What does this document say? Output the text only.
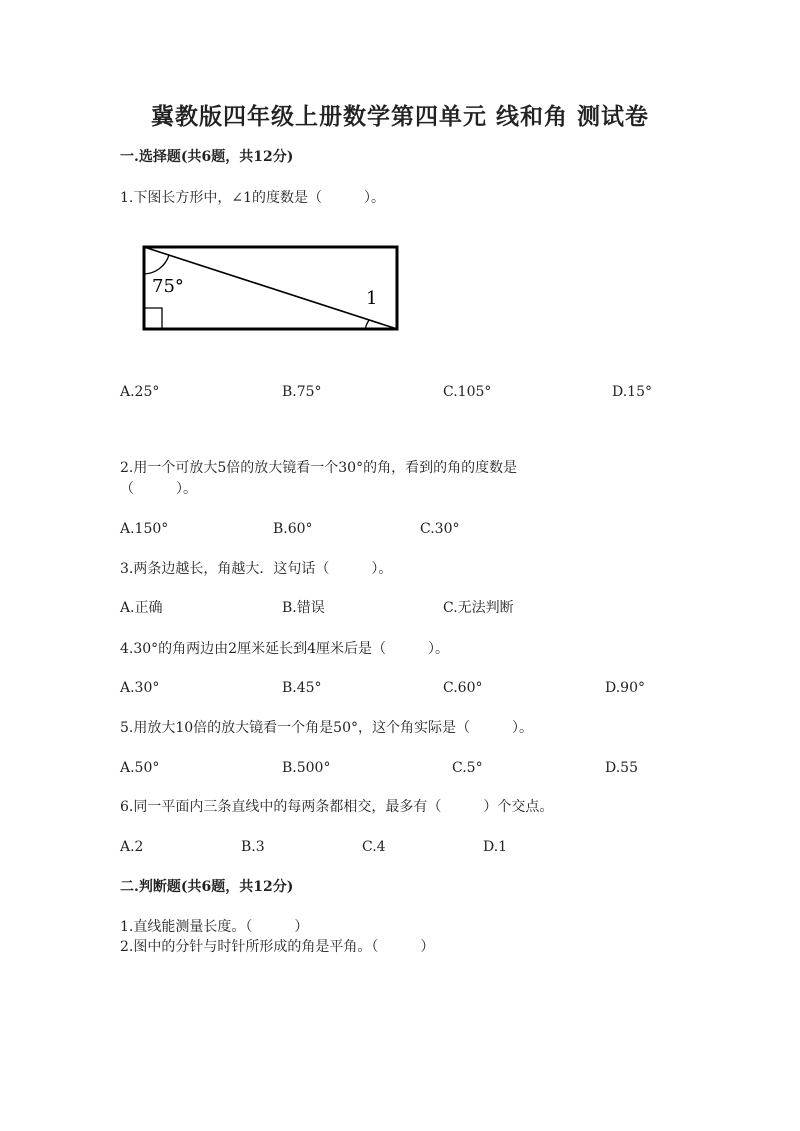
冀教版四年级上册数学第四单元 线和角 测试卷
一.选择题(共6题，共12分)
1.下图长方形中，∠1的度数是（　　　）。
75°
1
A.25°	B.75°	C.105°	D.15°
2.用一个可放大5倍的放大镜看一个30°的角，看到的角的度数是
（　　　）。
A.150°	B.60°	C.30°
3.两条边越长，角越大．这句话（　　　）。
A.正确	B.错误	C.无法判断
4.30°的角两边由2厘米延长到4厘米后是（　　　）。
A.30°	B.45°	C.60°	D.90°
5.用放大10倍的放大镜看一个角是50°，这个角实际是（　　　）。
A.50°	B.500°	C.5°	D.55
6.同一平面内三条直线中的每两条都相交，最多有（　　　）个交点。
A.2	B.3	C.4	D.1
二.判断题(共6题，共12分)
1.直线能测量长度。（　　　）
2.图中的分针与时针所形成的角是平角。（　　　）
